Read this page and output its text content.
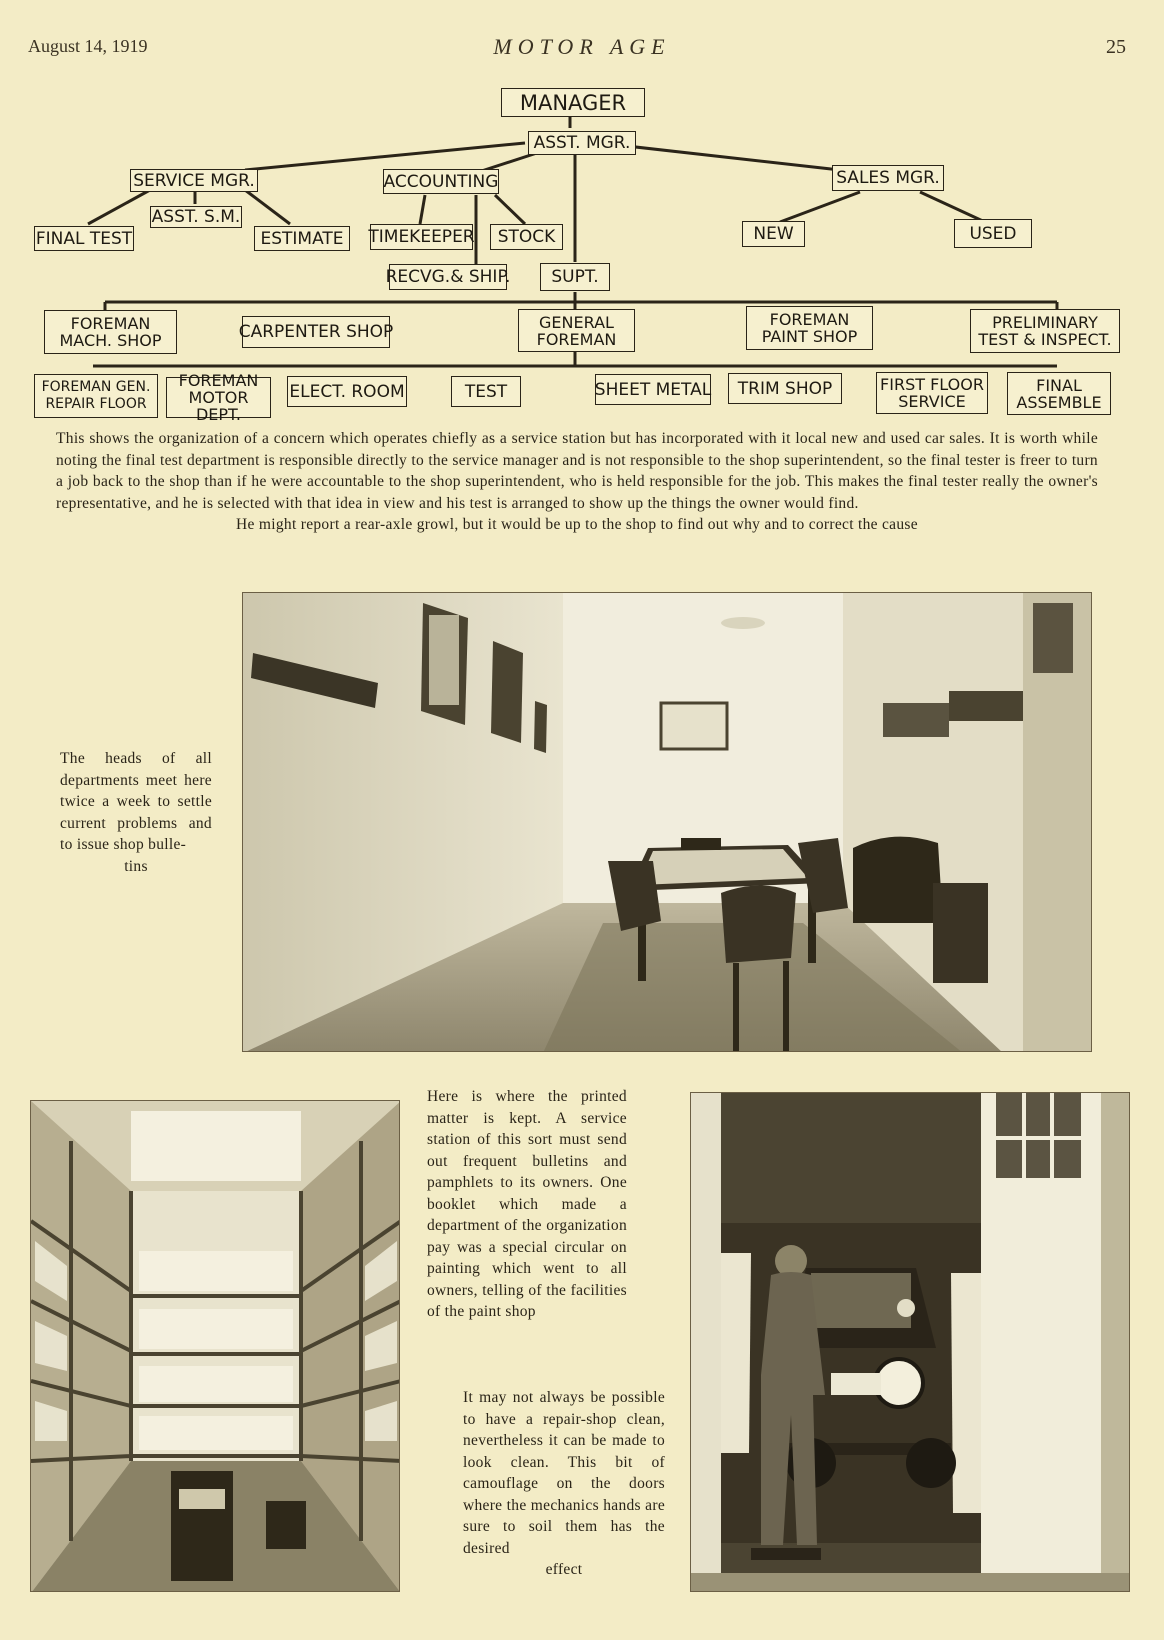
August 14, 1919	MOTOR AGE	25
MANAGER
ASST. MGR.
SERVICE MGR.
ASST. S.M.
FINAL TEST	ESTIMATE
ACCOUNTING
TIMEKEEPER	STOCK
RECVG.& SHIP.	SUPT.
SALES MGR.
NEW	USED
FOREMAN MACH. SHOP	CARPENTER SHOP	GENERAL FOREMAN
FOREMAN PAINT SHOP
PRELIMINARY TEST & INSPECT.
FOREMAN GEN. REPAIR FLOOR
FOREMAN MOTOR DEPT.
ELECT. ROOM	TEST	SHEET METAL	TRIM SHOP	FIRST FLOOR SERVICE
FINAL ASSEMBLE
This shows the organization of a concern which operates chiefly as a service station but has incorporated with it local new and used car sales. It is worth while noting the final test department is responsible directly to the service manager and is not responsible to the shop superintendent, so the final tester is freer to turn a job back to the shop than if he were accountable to the shop superintendent, who is held responsible for the job. This makes the final tester really the owner's representative, and he is selected with that idea in view and his test is arranged to show up the things the owner would find.
He might report a rear-axle growl, but it would be up to the shop to find out why and to correct the cause
The heads of all departments meet here twice a week to settle current problems and to issue shop bulle-
tins
Here is where the printed matter is kept. A service station of this sort must send out frequent bulletins and pamphlets to its owners. One booklet which made a department of the organization pay was a special circular on painting which went to all owners, telling of the facilities of the paint shop
It may not always be possible to have a repair-shop clean, nevertheless it can be made to look clean. This bit of camouflage on the doors where the mechanics hands are sure to soil them has the desired
effect
